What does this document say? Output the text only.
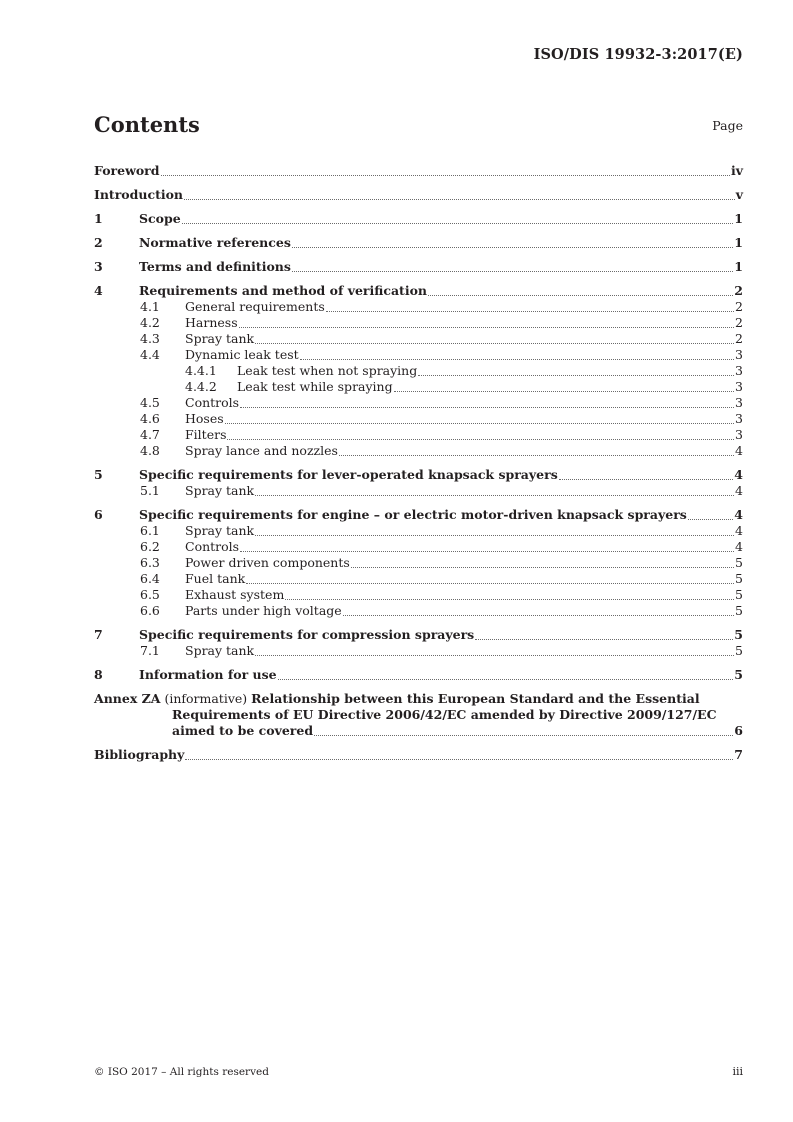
ISO/DIS 19932-3:2017(E)
Contents	Page
Foreword	iv
Introduction	v
1	Scope	1
2	Normative references	1
3	Terms and definitions	1
4	Requirements and method of verification	2
4.1	General requirements	2
4.2	Harness	2
4.3	Spray tank	2
4.4	Dynamic leak test	3
4.4.1	Leak test when not spraying	3
4.4.2	Leak test while spraying	3
4.5	Controls	3
4.6	Hoses	3
4.7	Filters	3
4.8	Spray lance and nozzles	4
5	Specific requirements for lever-operated knapsack sprayers	4
5.1	Spray tank	4
6	Specific requirements for engine – or electric motor-driven knapsack sprayers	4
6.1	Spray tank	4
6.2	Controls	4
6.3	Power driven components	5
6.4	Fuel tank	5
6.5	Exhaust system	5
6.6	Parts under high voltage	5
7	Specific requirements for compression sprayers	5
7.1	Spray tank	5
8	Information for use	5
Annex ZA (informative) Relationship between this European Standard and the Essential
Requirements of EU Directive 2006/42/EC amended by Directive 2009/127/EC
aimed to be covered	6
Bibliography	7
© ISO 2017 – All rights reserved	iii
